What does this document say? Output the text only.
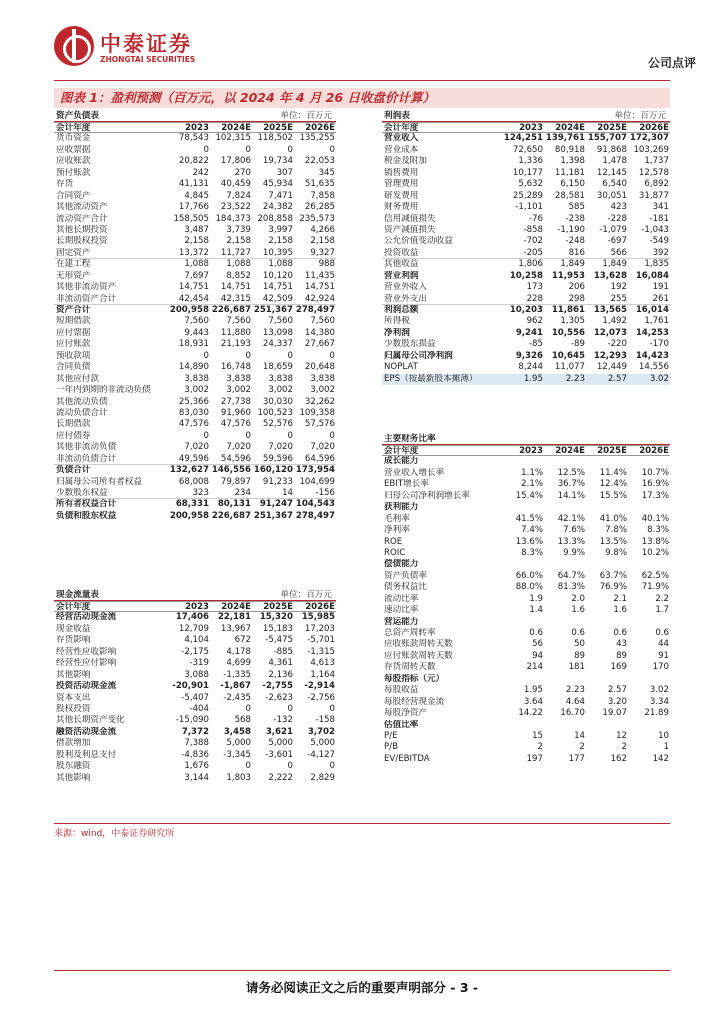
中泰证券
ZHONGTAI SECURITIES	公司点评
图表 1：盈利预测（百万元，以 2024 年 4 月 26 日收盘价计算）
资产负债表	单位：百万元
会计年度	2023	2024E	2025E	2026E
货币资金	78,543 102,315 118,502 135,255
应收票据	0	0	0	0
应收账款	20,822	17,806	19,734	22,053
预付账款	242	270	307	345
存货	41,131	40,459	45,934	51,635
合同资产	4,845	7,824	7,471	7,858
其他流动资产	17,766	23,522	24,382	26,285
流动资产合计	158,505 184,373 208,858 235,573
其他长期投资	3,487	3,739	3,997	4,266
长期股权投资	2,158	2,158	2,158	2,158
固定资产	13,372	11,727	10,395	9,327
在建工程	1,088	1,088	1,088	988
无形资产	7,697	8,852	10,120	11,435
其他非流动资产	14,751	14,751	14,751	14,751
非流动资产合计	42,454	42,315	42,509	42,924
资产合计	200,958 226,687 251,367 278,497
短期借款	7,560	7,560	7,560	7,560
应付票据	9,443	11,880	13,098	14,380
应付账款	18,931	21,193	24,337	27,667
预收款项	0	0	0	0
合同负债	14,890	16,748	18,659	20,648
其他应付款	3,838	3,838	3,838	3,838
一年内到期的非流动负债	3,002	3,002	3,002	3,002
其他流动负债	25,366	27,738	30,030	32,262
流动负债合计	83,030	91,960 100,523 109,358
长期借款	47,576	47,576	52,576	57,576
应付债券	0	0	0	0
其他非流动负债	7,020	7,020	7,020	7,020
非流动负债合计	49,596	54,596	59,596	64,596
负债合计	132,627 146,556 160,120 173,954
归属母公司所有者权益	68,008	79,897	91,233 104,699
少数股东权益	323	234	14	-156
所有者权益合计	68,331	80,131	91,247 104,543
负债和股东权益	200,958 226,687 251,367 278,497
利润表	单位：百万元
会计年度	2023	2024E	2025E	2026E
营业收入	124,251 139,761 155,707 172,307
营业成本	72,650	80,918	91,868 103,269
税金及附加	1,336	1,398	1,478	1,737
销售费用	10,177	11,181	12,145	12,578
管理费用	5,632	6,150	6,540	6,892
研发费用	25,289	28,581	30,051	31,877
财务费用	-1,101	585	423	341
信用减值损失	-76	-238	-228	-181
资产减值损失	-858	-1,190	-1,079	-1,043
公允价值变动收益	-702	-248	-697	-549
投资收益	-205	816	566	392
其他收益	1,806	1,849	1,849	1,835
营业利润	10,258	11,953	13,628	16,084
营业外收入	173	206	192	191
营业外支出	228	298	255	261
利润总额	10,203	11,861	13,565	16,014
所得税	962	1,305	1,492	1,761
净利润	9,241	10,556	12,073	14,253
少数股东损益	-85	-89	-220	-170
归属母公司净利润	9,326	10,645	12,293	14,423
NOPLAT	8,244	11,077	12,449	14,556
EPS（按最新股本摊薄）	1.95	2.23	2.57	3.02
主要财务比率
会计年度	2023	2024E	2025E	2026E
成长能力
营业收入增长率	1.1%	12.5%	11.4%	10.7%
EBIT增长率	2.1%	36.7%	12.4%	16.9%
归母公司净利润增长率	15.4%	14.1%	15.5%	17.3%
获利能力
毛利率	41.5%	42.1%	41.0%	40.1%
净利率	7.4%	7.6%	7.8%	8.3%
ROE	13.6%	13.3%	13.5%	13.8%
ROIC	8.3%	9.9%	9.8%	10.2%
偿债能力
资产负债率	66.0%	64.7%	63.7%	62.5%
债务权益比	88.0%	81.3%	76.9%	71.9%
流动比率	1.9	2.0	2.1	2.2
速动比率	1.4	1.6	1.6	1.7
营运能力
总资产周转率	0.6	0.6	0.6	0.6
应收账款周转天数	56	50	43	44
应付账款周转天数	94	89	89	91
存货周转天数	214	181	169	170
每股指标（元）
每股收益	1.95	2.23	2.57	3.02
每股经营现金流	3.64	4.64	3.20	3.34
每股净资产	14.22	16.70	19.07	21.89
估值比率
P/E	15	14	12	10
P/B	2	2	2	1
EV/EBITDA	197	177	162	142
现金流量表	单位：百万元
会计年度	2023	2024E	2025E	2026E
经营活动现金流	17,406	22,181	15,320	15,985
现金收益	12,709	13,967	15,183	17,203
存货影响	4,104	672	-5,475	-5,701
经营性应收影响	-2,175	4,178	-885	-1,315
经营性应付影响	-319	4,699	4,361	4,613
其他影响	3,088	-1,335	2,136	1,164
投资活动现金流	-20,901	-1,867	-2,755	-2,914
资本支出	-5,407	-2,435	-2,623	-2,756
股权投资	-404	0	0	0
其他长期资产变化	-15,090	568	-132	-158
融资活动现金流	7,372	3,458	3,621	3,702
借款增加	7,388	5,000	5,000	5,000
股利及利息支付	-4,836	-3,345	-3,601	-4,127
股东融资	1,676	0	0	0
其他影响	3,144	1,803	2,222	2,829
来源：wind，中泰证券研究所
请务必阅读正文之后的重要声明部分 - 3 -
